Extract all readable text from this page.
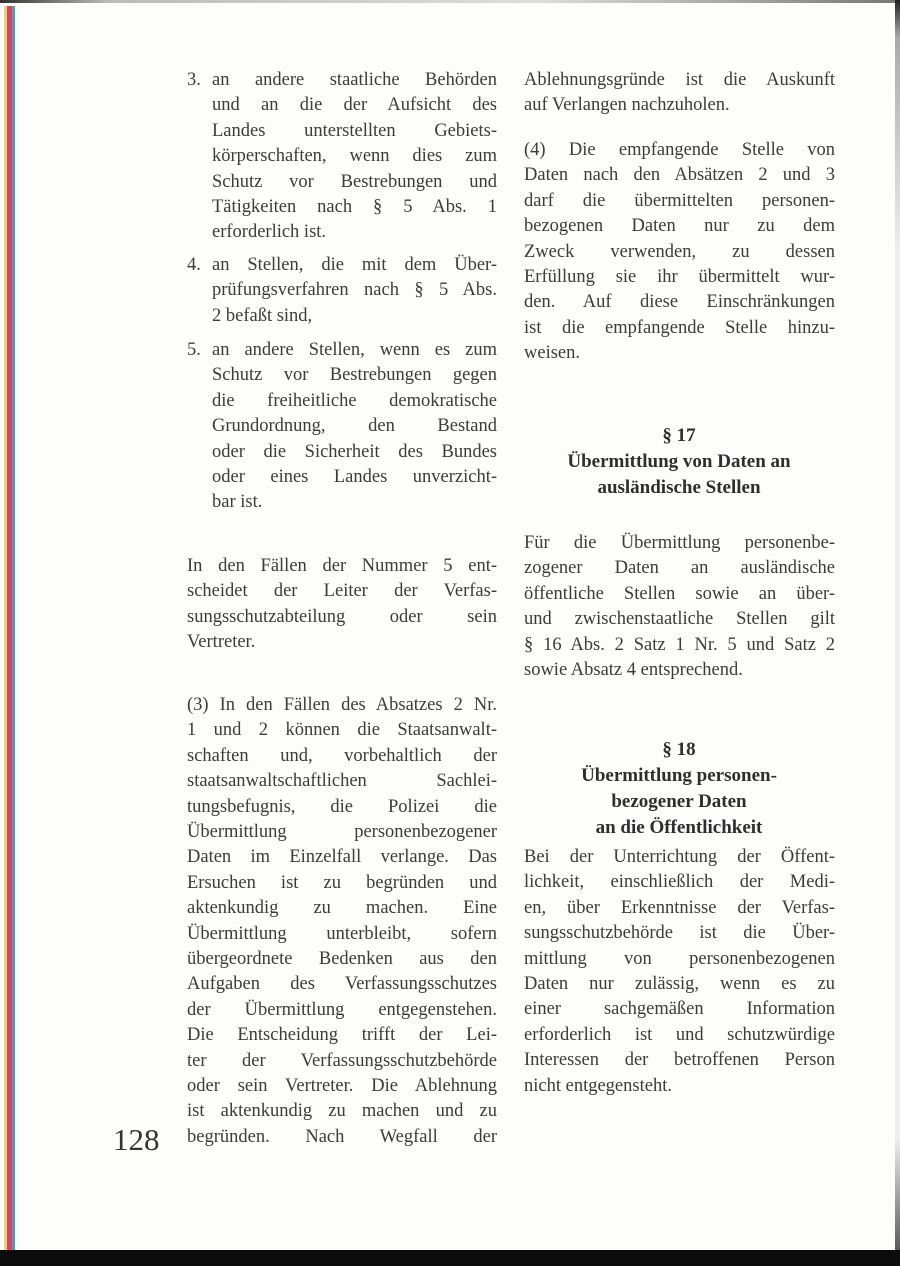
3. an andere staatliche Behörden
und an die der Aufsicht des
Landes unterstellten Gebiets-
körperschaften, wenn dies zum
Schutz vor Bestrebungen und
Tätigkeiten nach § 5 Abs. 1
erforderlich ist.
4. an Stellen, die mit dem Über-
prüfungsverfahren nach § 5 Abs.
2 befaßt sind,
5. an andere Stellen, wenn es zum
Schutz vor Bestrebungen gegen
die freiheitliche demokratische
Grundordnung, den Bestand
oder die Sicherheit des Bundes
oder eines Landes unverzicht-
bar ist.
In den Fällen der Nummer 5 ent-
scheidet der Leiter der Verfas-
sungsschutzabteilung oder sein
Vertreter.
(3) In den Fällen des Absatzes 2 Nr.
1 und 2 können die Staatsanwalt-
schaften und, vorbehaltlich der
staatsanwaltschaftlichen Sachlei-
tungsbefugnis, die Polizei die
Übermittlung personenbezogener
Daten im Einzelfall verlange. Das
Ersuchen ist zu begründen und
aktenkundig zu machen. Eine
Übermittlung unterbleibt, sofern
übergeordnete Bedenken aus den
Aufgaben des Verfassungsschutzes
der Übermittlung entgegenstehen.
Die Entscheidung trifft der Lei-
ter der Verfassungsschutzbehörde
oder sein Vertreter. Die Ablehnung
ist aktenkundig zu machen und zu
begründen. Nach Wegfall der
Ablehnungsgründe ist die Auskunft
auf Verlangen nachzuholen.
(4) Die empfangende Stelle von
Daten nach den Absätzen 2 und 3
darf die übermittelten personen-
bezogenen Daten nur zu dem
Zweck verwenden, zu dessen
Erfüllung sie ihr übermittelt wur-
den. Auf diese Einschränkungen
ist die empfangende Stelle hinzu-
weisen.
Für die Übermittlung personenbe-
zogener Daten an ausländische
öffentliche Stellen sowie an über-
und zwischenstaatliche Stellen gilt
§ 16 Abs. 2 Satz 1 Nr. 5 und Satz 2
sowie Absatz 4 entsprechend.
Bei der Unterrichtung der Öffent-
lichkeit, einschließlich der Medi-
en, über Erkenntnisse der Verfas-
sungsschutzbehörde ist die Über-
mittlung von personenbezogenen
Daten nur zulässig, wenn es zu
einer sachgemäßen Information
erforderlich ist und schutzwürdige
Interessen der betroffenen Person
nicht entgegensteht.
§ 17
Übermittlung von Daten an
ausländische Stellen
§ 18
Übermittlung personen-
bezogener Daten
an die Öffentlichkeit
128
